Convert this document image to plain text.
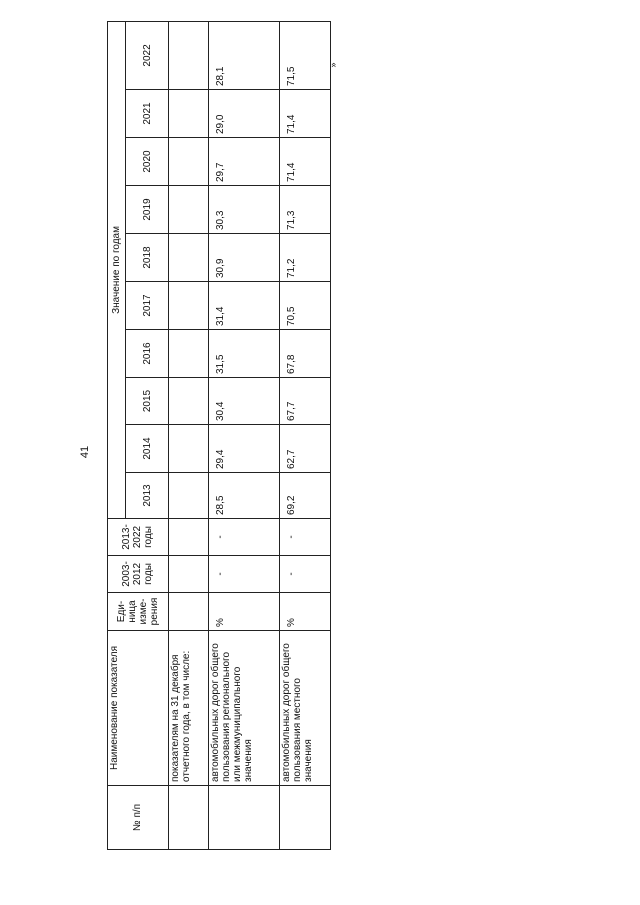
41
»
№ п/п	Наименование показателя	Еди-ница изме-рения	2003-2012 годы	2013-2022 годы	Значение по годам									
					2013	2014	2015	2016	2017	2018	2019	2020	2021	2022
	показателям на 31 декабря отчетного года, в том числе:													
	автомобильных дорог общего пользования регионального или межмуниципального значения	%	-	-	28,5	29,4	30,4	31,5	31,4	30,9	30,3	29,7	29,0	28,1
	автомобильных дорог общего пользования местного значения	%	-	-	69,2	62,7	67,7	67,8	70,5	71,2	71,3	71,4	71,4	71,5
